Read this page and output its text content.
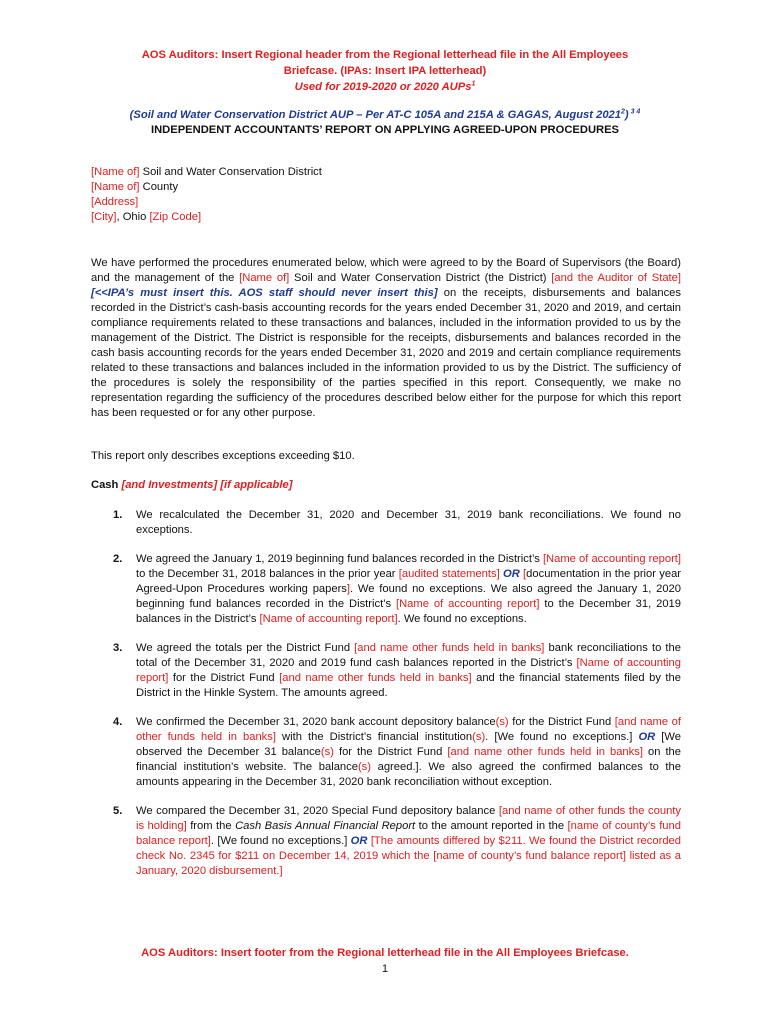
AOS Auditors: Insert Regional header from the Regional letterhead file in the All Employees
Briefcase. (IPAs: Insert IPA letterhead)
Used for 2019-2020 or 2020 AUPs$^1$
(Soil and Water Conservation District AUP – Per AT-C 105A and 215A & GAGAS, August 2021$^2$) $^{3 4}$
INDEPENDENT ACCOUNTANTS’ REPORT ON APPLYING AGREED-UPON PROCEDURES
[Name of] Soil and Water Conservation District
[Name of] County
[Address]
[City], Ohio [Zip Code]
We have performed the procedures enumerated below, which were agreed to by the Board of Supervisors (the Board) and the management of the [Name of] Soil and Water Conservation District (the District) [and the Auditor of State] [<<IPA’s must insert this. AOS staff should never insert this] on the receipts, disbursements and balances recorded in the District’s cash-basis accounting records for the years ended December 31, 2020 and 2019, and certain compliance requirements related to these transactions and balances, included in the information provided to us by the management of the District. The District is responsible for the receipts, disbursements and balances recorded in the cash basis accounting records for the years ended December 31, 2020 and 2019 and certain compliance requirements related to these transactions and balances included in the information provided to us by the District. The sufficiency of the procedures is solely the responsibility of the parties specified in this report. Consequently, we make no representation regarding the sufficiency of the procedures described below either for the purpose for which this report has been requested or for any other purpose.
This report only describes exceptions exceeding $10.
Cash [and Investments] [if applicable]
1. We recalculated the December 31, 2020 and December 31, 2019 bank reconciliations. We found no exceptions.
2. We agreed the January 1, 2019 beginning fund balances recorded in the District’s [Name of accounting report] to the December 31, 2018 balances in the prior year [audited statements] OR [documentation in the prior year Agreed-Upon Procedures working papers]. We found no exceptions. We also agreed the January 1, 2020 beginning fund balances recorded in the District’s [Name of accounting report] to the December 31, 2019 balances in the District’s [Name of accounting report]. We found no exceptions.
3. We agreed the totals per the District Fund [and name other funds held in banks] bank reconciliations to the total of the December 31, 2020 and 2019 fund cash balances reported in the District’s [Name of accounting report] for the District Fund [and name other funds held in banks] and the financial statements filed by the District in the Hinkle System. The amounts agreed.
4. We confirmed the December 31, 2020 bank account depository balance(s) for the District Fund [and name of other funds held in banks] with the District’s financial institution(s). [We found no exceptions.] OR [We observed the December 31 balance(s) for the District Fund [and name other funds held in banks] on the financial institution’s website. The balance(s) agreed.]. We also agreed the confirmed balances to the amounts appearing in the December 31, 2020 bank reconciliation without exception.
5. We compared the December 31, 2020 Special Fund depository balance [and name of other funds the county is holding] from the Cash Basis Annual Financial Report to the amount reported in the [name of county’s fund balance report]. [We found no exceptions.] OR [The amounts differed by $211. We found the District recorded check No. 2345 for $211 on December 14, 2019 which the [name of county’s fund balance report] listed as a January, 2020 disbursement.]
AOS Auditors: Insert footer from the Regional letterhead file in the All Employees Briefcase.
1
